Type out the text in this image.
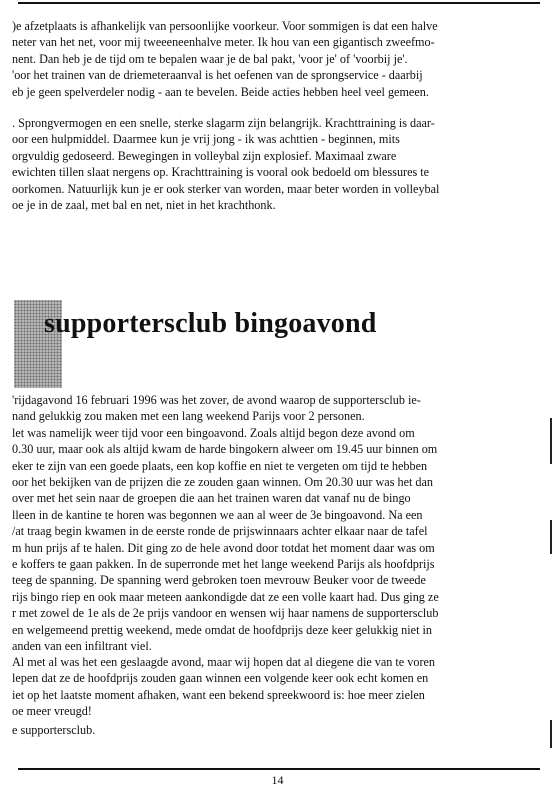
)e afzetplaats is afhankelijk van persoonlijke voorkeur. Voor sommigen is dat een halve
neter van het net, voor mij tweeeneenhalve meter. Ik hou van een gigantisch zweefmo-
nent. Dan heb je de tijd om te bepalen waar je de bal pakt, 'voor je' of 'voorbij je'.
'oor het trainen van de driemeteraanval is het oefenen van de sprongservice - daarbij
eb je geen spelverdeler nodig - aan te bevelen. Beide acties hebben heel veel gemeen.
. Sprongvermogen en een snelle, sterke slagarm zijn belangrijk. Krachttraining is daar-
oor een hulpmiddel. Daarmee kun je vrij jong - ik was achttien - beginnen, mits
orgvuldig gedoseerd. Bewegingen in volleybal zijn explosief. Maximaal zware
ewichten tillen slaat nergens op. Krachttraining is vooral ook bedoeld om blessures te
oorkomen. Natuurlijk kun je er ook sterker van worden, maar beter worden in volleybal
oe je in de zaal, met bal en net, niet in het krachthonk.
supportersclub bingoavond
'rijdagavond 16 februari 1996 was het zover, de avond waarop de supportersclub ie-
nand gelukkig zou maken met een lang weekend Parijs voor 2 personen.
let was namelijk weer tijd voor een bingoavond. Zoals altijd begon deze avond om
0.30 uur, maar ook als altijd kwam de harde bingokern alweer om 19.45 uur binnen om
eker te zijn van een goede plaats, een kop koffie en niet te vergeten om tijd te hebben
oor het bekijken van de prijzen die ze zouden gaan winnen. Om 20.30 uur was het dan
over met het sein naar de groepen die aan het trainen waren dat vanaf nu de bingo
lleen in de kantine te horen was begonnen we aan al weer de 3e bingoavond. Na een
/at traag begin kwamen in de eerste ronde de prijswinnaars achter elkaar naar de tafel
m hun prijs af te halen. Dit ging zo de hele avond door totdat het moment daar was om
e koffers te gaan pakken. In de superronde met het lange weekend Parijs als hoofdprijs
teeg de spanning. De spanning werd gebroken toen mevrouw Beuker voor de tweede
rijs bingo riep en ook maar meteen aankondigde dat ze een volle kaart had. Dus ging ze
r met zowel de 1e als de 2e prijs vandoor en wensen wij haar namens de supportersclub
en welgemeend prettig weekend, mede omdat de hoofdprijs deze keer gelukkig niet in
anden van een infiltrant viel.
Al met al was het een geslaagde avond, maar wij hopen dat al diegene die van te voren
lepen dat ze de hoofdprijs zouden gaan winnen een volgende keer ook echt komen en
iet op het laatste moment afhaken, want een bekend spreekwoord is: hoe meer zielen
oe meer vreugd!
e supportersclub.
14
